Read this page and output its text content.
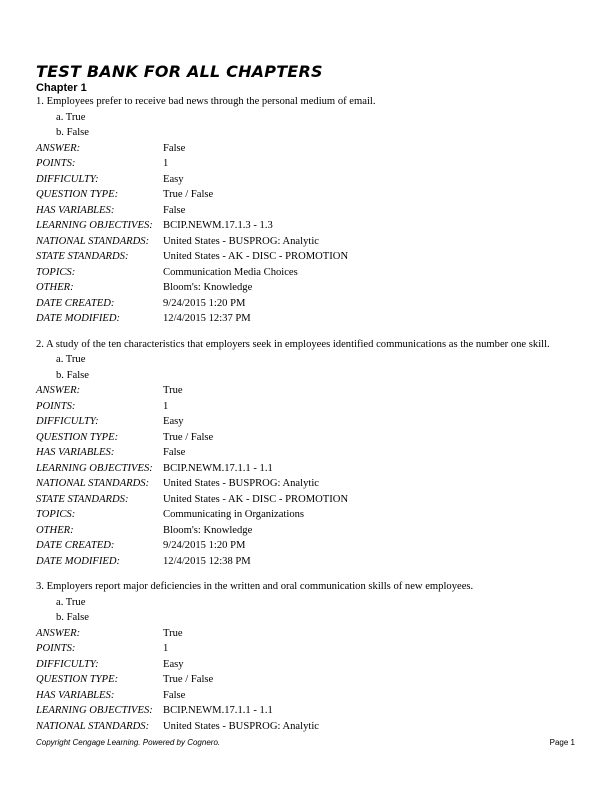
TEST BANK FOR ALL CHAPTERS
Chapter 1
1. Employees prefer to receive bad news through the personal medium of email.
a. True
b. False
ANSWER:	False
POINTS:	1
DIFFICULTY:	Easy
QUESTION TYPE:	True / False
HAS VARIABLES:	False
LEARNING OBJECTIVES: BCIP.NEWM.17.1.3 - 1.3
NATIONAL STANDARDS:	United States - BUSPROG: Analytic
STATE STANDARDS:	United States - AK - DISC - PROMOTION
TOPICS:	Communication Media Choices
OTHER:	Bloom's: Knowledge
DATE CREATED:	9/24/2015 1:20 PM
DATE MODIFIED:	12/4/2015 12:37 PM
2. A study of the ten characteristics that employers seek in employees identified communications as the number one skill.
a. True
b. False
ANSWER:	True
POINTS:	1
DIFFICULTY:	Easy
QUESTION TYPE:	True / False
HAS VARIABLES:	False
LEARNING OBJECTIVES: BCIP.NEWM.17.1.1 - 1.1
NATIONAL STANDARDS:	United States - BUSPROG: Analytic
STATE STANDARDS:	United States - AK - DISC - PROMOTION
TOPICS:	Communicating in Organizations
OTHER:	Bloom's: Knowledge
DATE CREATED:	9/24/2015 1:20 PM
DATE MODIFIED:	12/4/2015 12:38 PM
3. Employers report major deficiencies in the written and oral communication skills of new employees.
a. True
b. False
ANSWER:	True
POINTS:	1
DIFFICULTY:	Easy
QUESTION TYPE:	True / False
HAS VARIABLES:	False
LEARNING OBJECTIVES: BCIP.NEWM.17.1.1 - 1.1
NATIONAL STANDARDS:	United States - BUSPROG: Analytic
Copyright Cengage Learning. Powered by Cognero.	Page 1
